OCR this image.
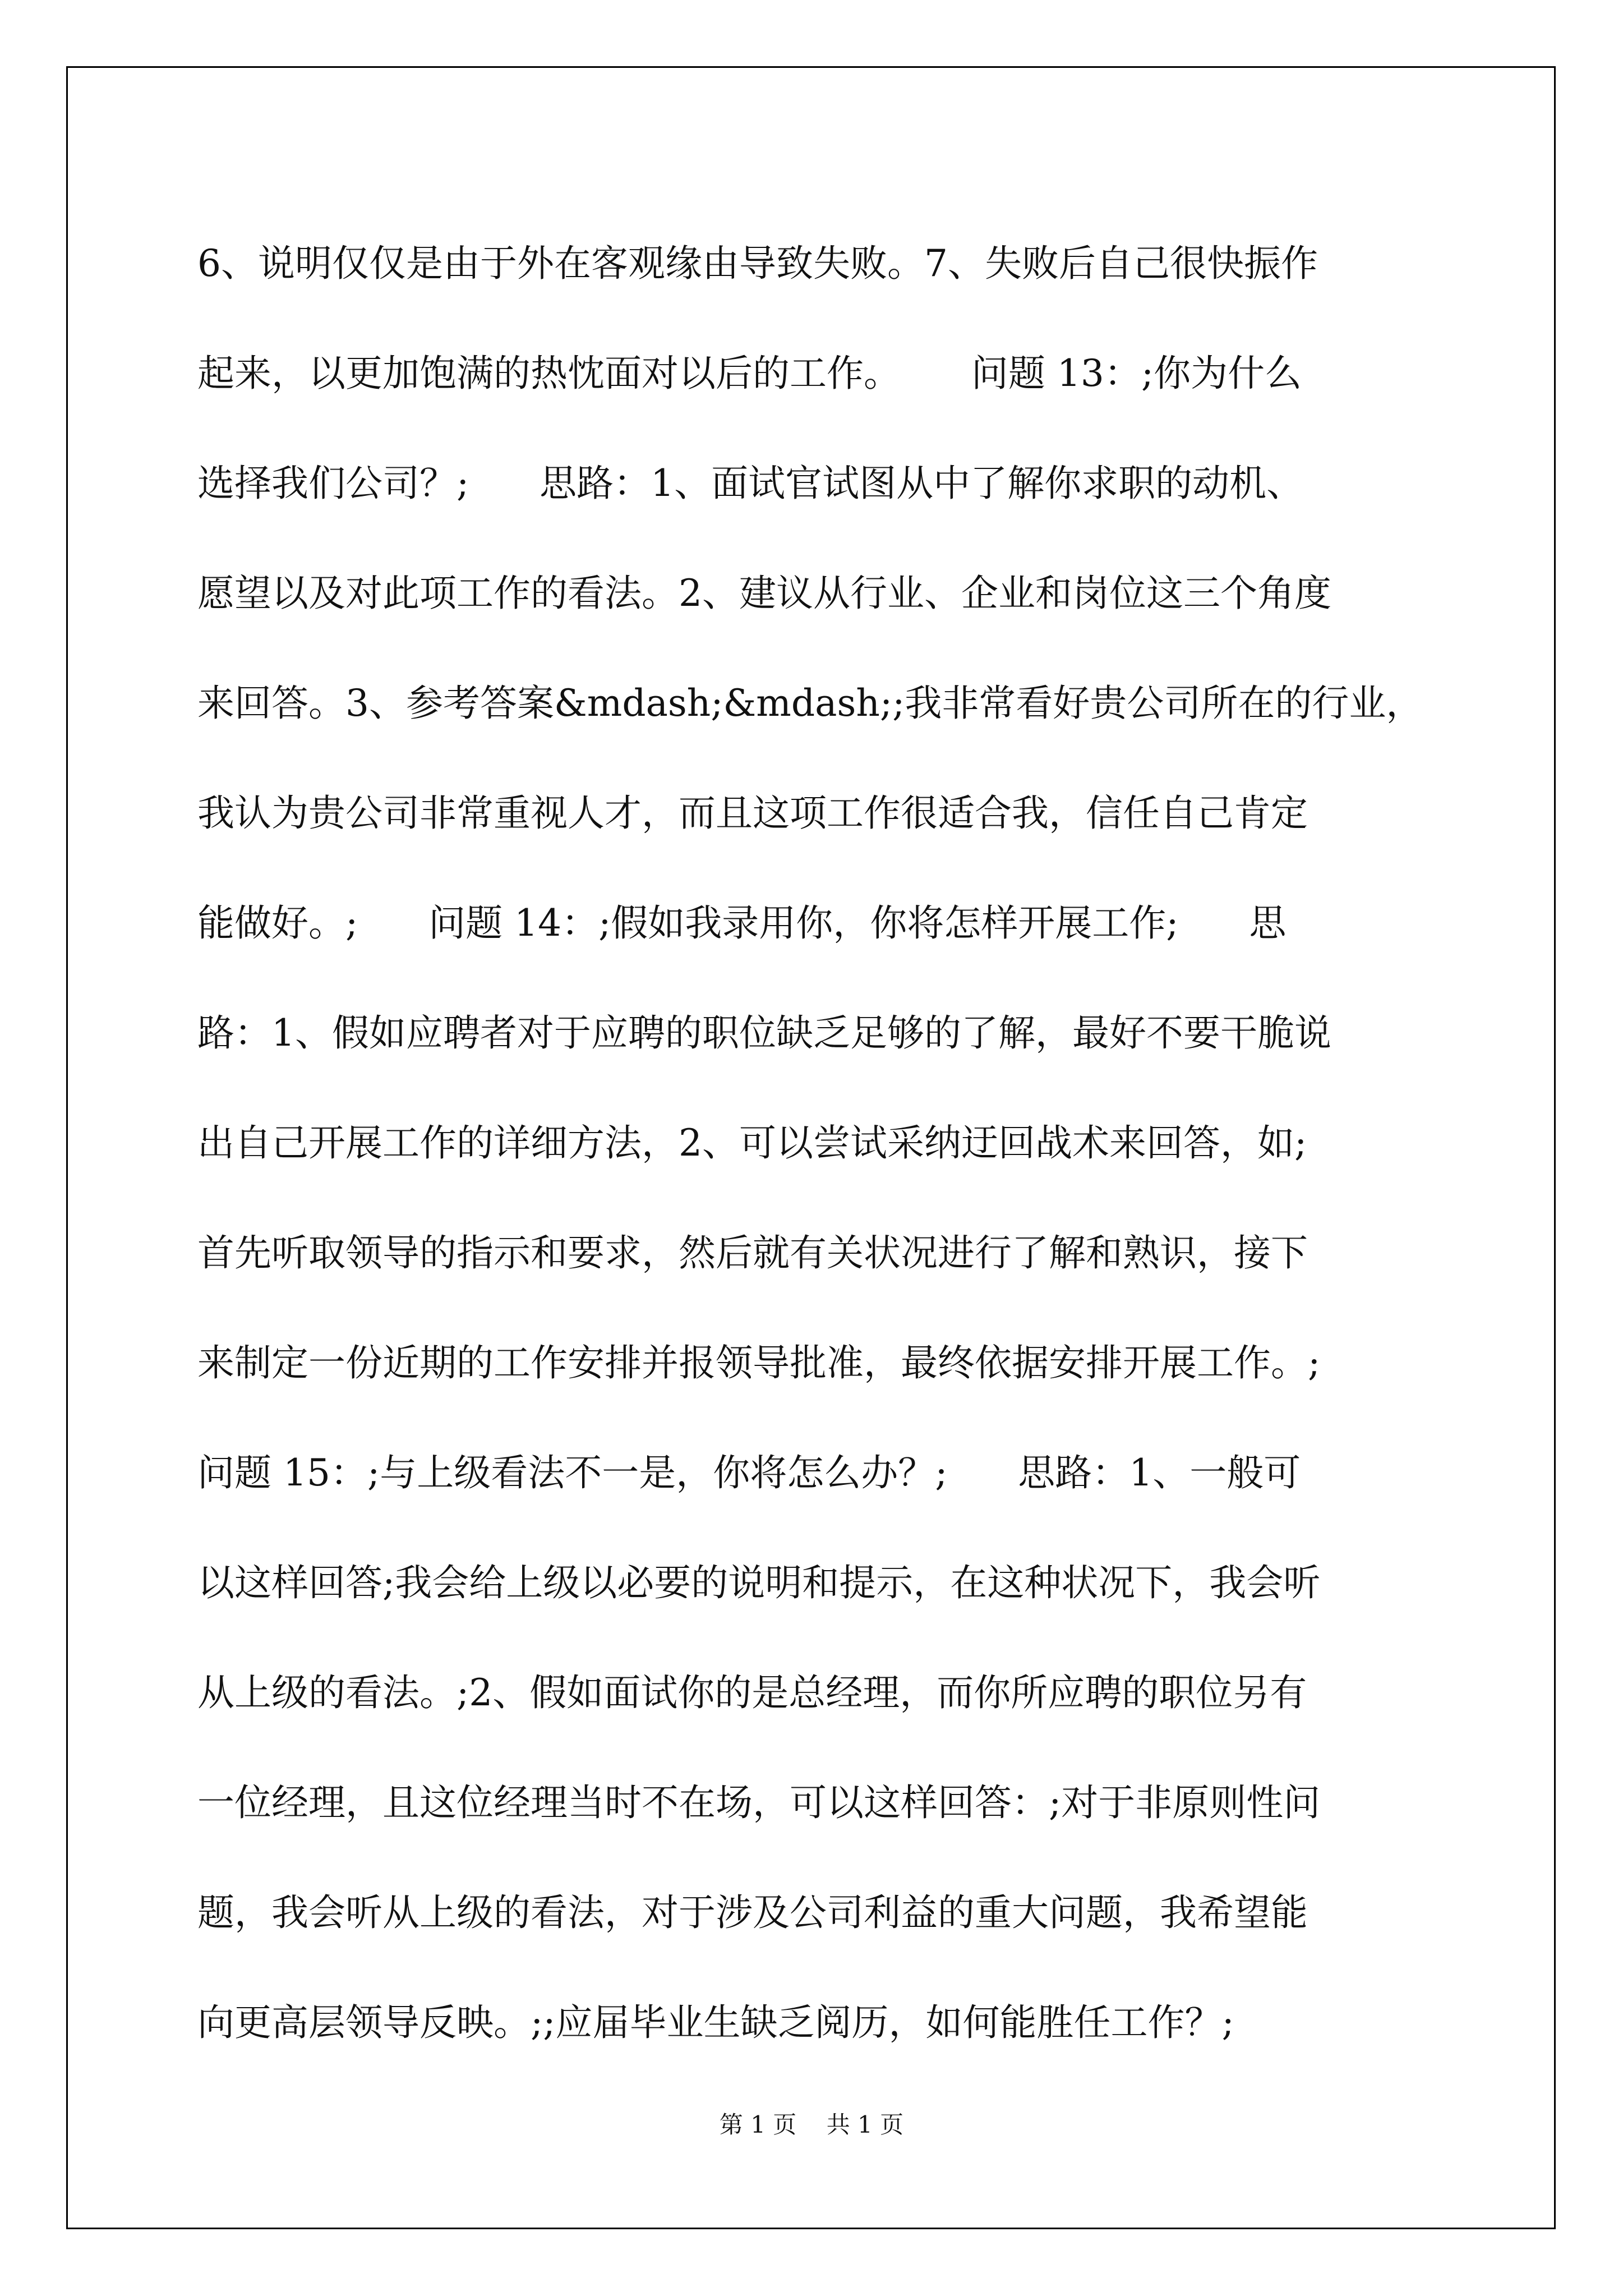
6、说明仅仅是由于外在客观缘由导致失败。7、失败后自己很快振作
起来，以更加饱满的热忱面对以后的工作。      问题 13：;你为什么
选择我们公司？;      思路：1、面试官试图从中了解你求职的动机、
愿望以及对此项工作的看法。2、建议从行业、企业和岗位这三个角度
来回答。3、参考答案&mdash;&mdash;;我非常看好贵公司所在的行业，
我认为贵公司非常重视人才，而且这项工作很适合我，信任自己肯定
能做好。;      问题 14：;假如我录用你，你将怎样开展工作;      思
路：1、假如应聘者对于应聘的职位缺乏足够的了解，最好不要干脆说
出自己开展工作的详细方法，2、可以尝试采纳迂回战术来回答，如;
首先听取领导的指示和要求，然后就有关状况进行了解和熟识，接下
来制定一份近期的工作安排并报领导批准，最终依据安排开展工作。;
问题 15：;与上级看法不一是，你将怎么办？;      思路：1、一般可
以这样回答;我会给上级以必要的说明和提示，在这种状况下，我会听
从上级的看法。;2、假如面试你的是总经理，而你所应聘的职位另有
一位经理，且这位经理当时不在场，可以这样回答：;对于非原则性问
题，我会听从上级的看法，对于涉及公司利益的重大问题，我希望能
向更高层领导反映。;;应届毕业生缺乏阅历，如何能胜任工作？;
第 1 页    共 1 页
